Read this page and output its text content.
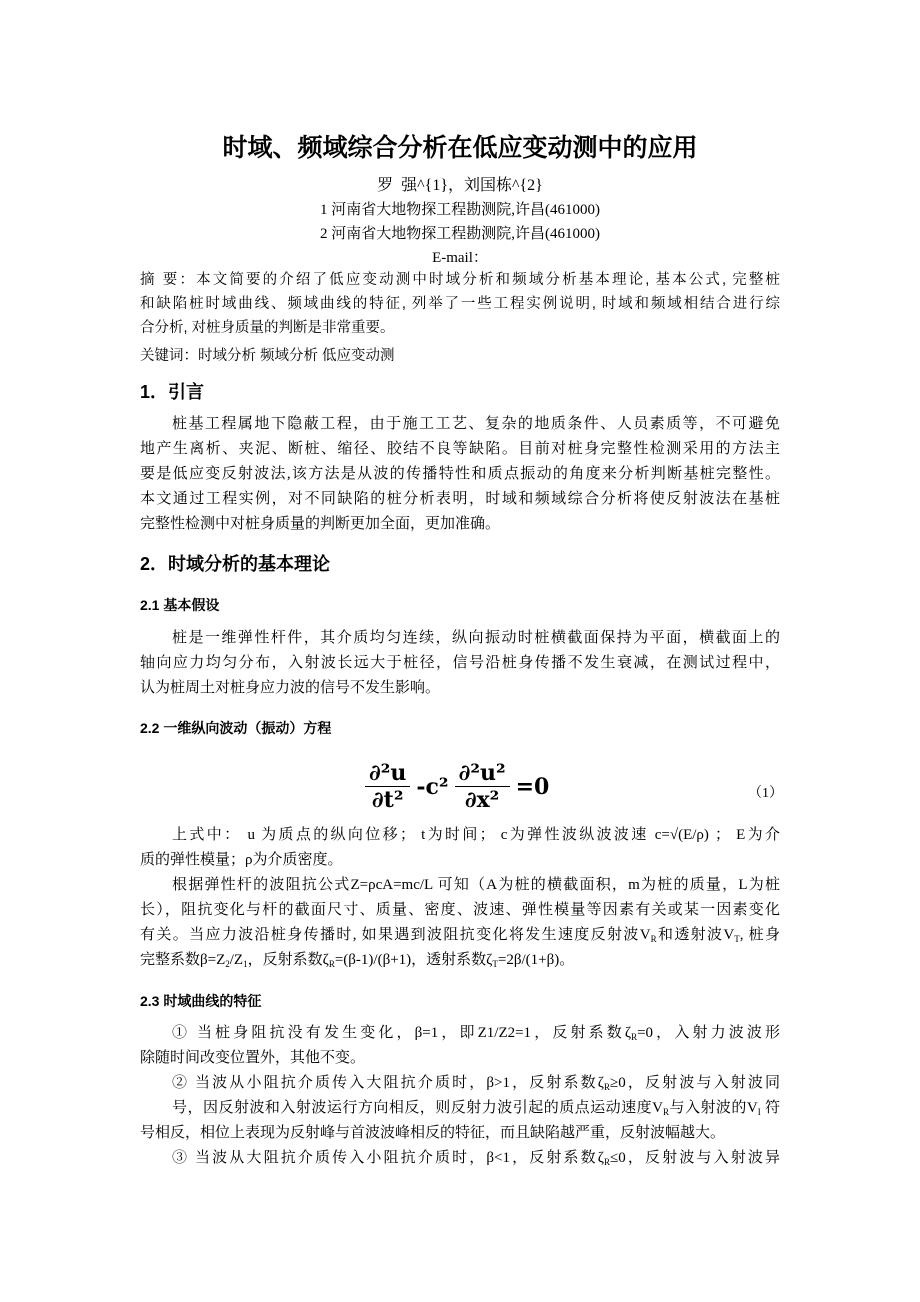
时域、频域综合分析在低应变动测中的应用
罗  强^{1}，刘国栋^{2}
1 河南省大地物探工程勘测院,许昌(461000)
2 河南省大地物探工程勘测院,许昌(461000)
E-mail：
摘 要：本文简要的介绍了低应变动测中时域分析和频域分析基本理论, 基本公式, 完整桩
和缺陷桩时域曲线、频域曲线的特征, 列举了一些工程实例说明, 时域和频域相结合进行综
合分析, 对桩身质量的判断是非常重要。
关键词：时域分析 频域分析 低应变动测
1．引言
桩基工程属地下隐蔽工程，由于施工工艺、复杂的地质条件、人员素质等，不可避免
地产生离析、夹泥、断桩、缩径、胶结不良等缺陷。目前对桩身完整性检测采用的方法主
要是低应变反射波法,该方法是从波的传播特性和质点振动的角度来分析判断基桩完整性。
本文通过工程实例，对不同缺陷的桩分析表明，时域和频域综合分析将使反射波法在基桩
完整性检测中对桩身质量的判断更加全面，更加准确。
2．时域分析的基本理论
2.1 基本假设
桩是一维弹性杆件，其介质均匀连续，纵向振动时桩横截面保持为平面，横截面上的
轴向应力均匀分布，入射波长远大于桩径，信号沿桩身传播不发生衰减，在测试过程中，
认为桩周土对桩身应力波的信号不发生影响。
2.2 一维纵向波动（振动）方程
$\frac{\text{∂²u}}{\text{∂t²}} -c^2 \frac{\text{∂²u²}}{\text{∂x²}} =0$	（1）
上式中： u 为质点的纵向位移； t为时间； c为弹性波纵波波速 c=√(E/ρ) ； E为介
质的弹性模量；ρ为介质密度。
根据弹性杆的波阻抗公式Z=ρcA=mc/L 可知（A为桩的横截面积，m为桩的质量，L为桩
长），阻抗变化与杆的截面尺寸、质量、密度、波速、弹性模量等因素有关或某一因素变化
有关。当应力波沿桩身传播时, 如果遇到波阻抗变化将发生速度反射波$V_R$和透射波$V_T$, 桩身
完整系数$\beta=Z_2/Z_1$，反射系数$\zeta_R=(\beta-1)/(\beta+1)$，透射系数$\zeta_T=2\beta/(1+\beta)$。
2.3 时域曲线的特征
① 当桩身阻抗没有发生变化，β=1，即Z1/Z2=1，反射系数$\zeta_R=0$，入射力波波形
除随时间改变位置外，其他不变。
② 当波从小阻抗介质传入大阻抗介质时，β>1，反射系数$\zeta_R\ge 0$，反射波与入射波同
号，因反射波和入射波运行方向相反，则反射力波引起的质点运动速度$V_R$与入射波的$V_I$ 符
号相反，相位上表现为反射峰与首波波峰相反的特征，而且缺陷越严重，反射波幅越大。
③ 当波从大阻抗介质传入小阻抗介质时，β<1，反射系数$\zeta_R\le 0$，反射波与入射波异
